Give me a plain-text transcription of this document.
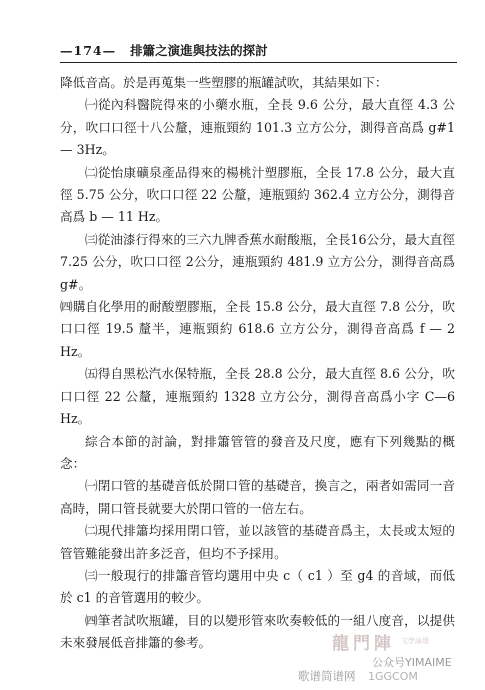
—174— 排簫之演進與技法的探討

降低音高。於是再蒐集一些塑膠的瓶罐試吹，其結果如下：

㈠從內科醫院得來的小藥水瓶，全長 9.6 公分，最大直徑 4.3 公分，吹口口徑十八公釐，連瓶頸約 101.3 立方公分，測得音高爲 g#1 — 3Hz。

㈡從怡康礦泉產品得來的楊桃汁塑膠瓶，全長 17.8 公分，最大直徑 5.75 公分，吹口口徑 22 公釐，連瓶頸約 362.4 立方公分，測得音高爲 b — 11 Hz。

㈢從油漆行得來的三六九牌香蕉水耐酸瓶，全長16公分，最大直徑 7.25 公分，吹口口徑 2公分，連瓶頸約 481.9 立方公分，測得音高爲 g#。

㈣購自化學用的耐酸塑膠瓶，全長 15.8 公分，最大直徑 7.8 公分，吹口口徑 19.5 釐半，連瓶頸約 618.6 立方公分，測得音高爲 f — 2 Hz。

㈤得自黑松汽水保特瓶，全長 28.8 公分，最大直徑 8.6 公分，吹口口徑 22 公釐，連瓶頸約 1328 立方公分，測得音高爲小字 C—6 Hz。

綜合本節的討論，對排簫管管的發音及尺度，應有下列幾點的概念：

㈠閉口管的基礎音低於開口管的基礎音，換言之，兩者如需同一音高時，開口管長就要大於閉口管的一倍左右。

㈡現代排簫均採用閉口管，並以該管的基礎音爲主，太長或太短的管管難能發出許多泛音，但均不予採用。

㈢一般現行的排簫音管均選用中央 c（ c1 ）至 g4 的音域，而低於 c1 的音管選用的較少。

㈣筆者試吹瓶罐，目的以變形管來吹奏較低的一組八度音，以提供未來發展低音排簫的參考。	龍門陣 文學論壇
公众号YIMAIME
歌谱简谱网 1GGCOM
